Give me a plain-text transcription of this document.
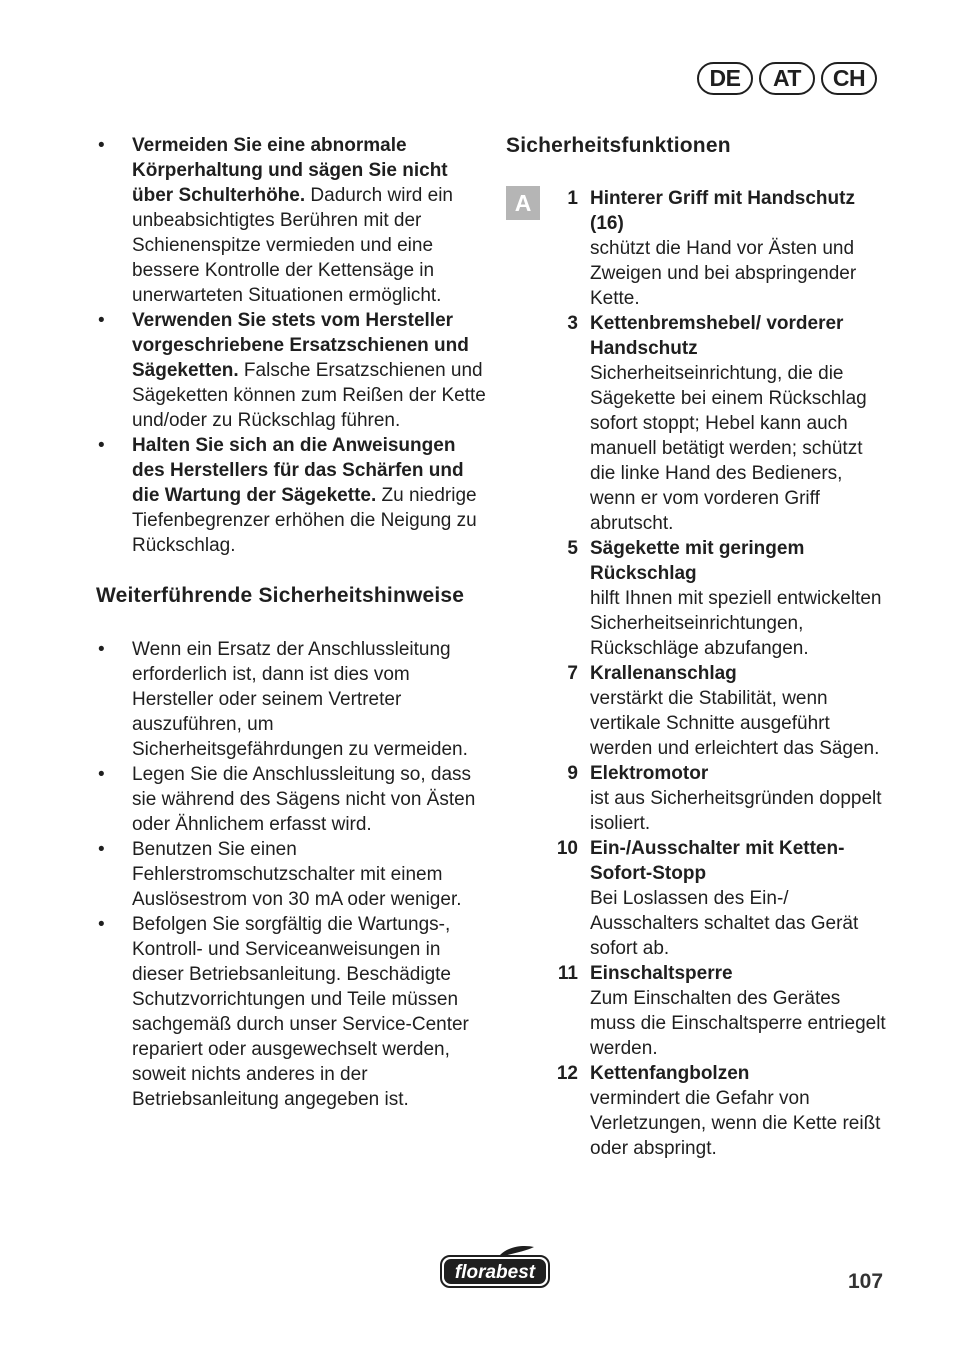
DE	AT	CH
• Vermeiden Sie eine abnormale Körperhaltung und sägen Sie nicht über Schulterhöhe. Dadurch wird ein unbeabsichtigtes Berühren mit der Schienenspitze vermieden und eine bessere Kontrolle der Kettensäge in unerwarteten Situationen ermöglicht.
• Verwenden Sie stets vom Hersteller vorgeschriebene Ersatzschienen und Sägeketten. Falsche Ersatzschienen und Sägeketten können zum Reißen der Kette und/oder zu Rückschlag führen.
• Halten Sie sich an die Anweisungen des Herstellers für das Schärfen und die Wartung der Sägekette. Zu niedrige Tiefenbegrenzer erhöhen die Neigung zu Rückschlag.
Weiterführende Sicherheitshinweise
• Wenn ein Ersatz der Anschlussleitung erforderlich ist, dann ist dies vom Hersteller oder seinem Vertreter auszuführen, um Sicherheitsgefährdungen zu vermeiden.
• Legen Sie die Anschlussleitung so, dass sie während des Sägens nicht von Ästen oder Ähnlichem erfasst wird.
• Benutzen Sie einen Fehlerstromschutzschalter mit einem Auslösestrom von 30 mA oder weniger.
• Befolgen Sie sorgfältig die Wartungs-, Kontroll- und Serviceanweisungen in dieser Betriebsanleitung. Beschädigte Schutzvorrichtungen und Teile müssen sachgemäß durch unser Service-Center repariert oder ausgewechselt werden, soweit nichts anderes in der Betriebsanleitung angegeben ist.
Sicherheitsfunktionen
A	1 Hinterer Griff mit Handschutz (16)
schützt die Hand vor Ästen und Zweigen und bei abspringender Kette.
3 Kettenbremshebel/ vorderer Handschutz
Sicherheitseinrichtung, die die Sägekette bei einem Rückschlag sofort stoppt; Hebel kann auch manuell betätigt werden; schützt die linke Hand des Bedieners, wenn er vom vorderen Griff abrutscht.
5 Sägekette mit geringem Rückschlag
hilft Ihnen mit speziell entwickelten Sicherheitseinrichtungen, Rückschläge abzufangen.
7 Krallenanschlag
verstärkt die Stabilität, wenn vertikale Schnitte ausgeführt werden und erleichtert das Sägen.
9 Elektromotor
ist aus Sicherheitsgründen doppelt isoliert.
10 Ein-/Ausschalter mit Ketten-Sofort-Stopp
Bei Loslassen des Ein-/ Ausschalters schaltet das Gerät sofort ab.
11 Einschaltsperre
Zum Einschalten des Gerätes muss die Einschaltsperre entriegelt werden.
12 Kettenfangbolzen
vermindert die Gefahr von Verletzungen, wenn die Kette reißt oder abspringt.
florabest	107
